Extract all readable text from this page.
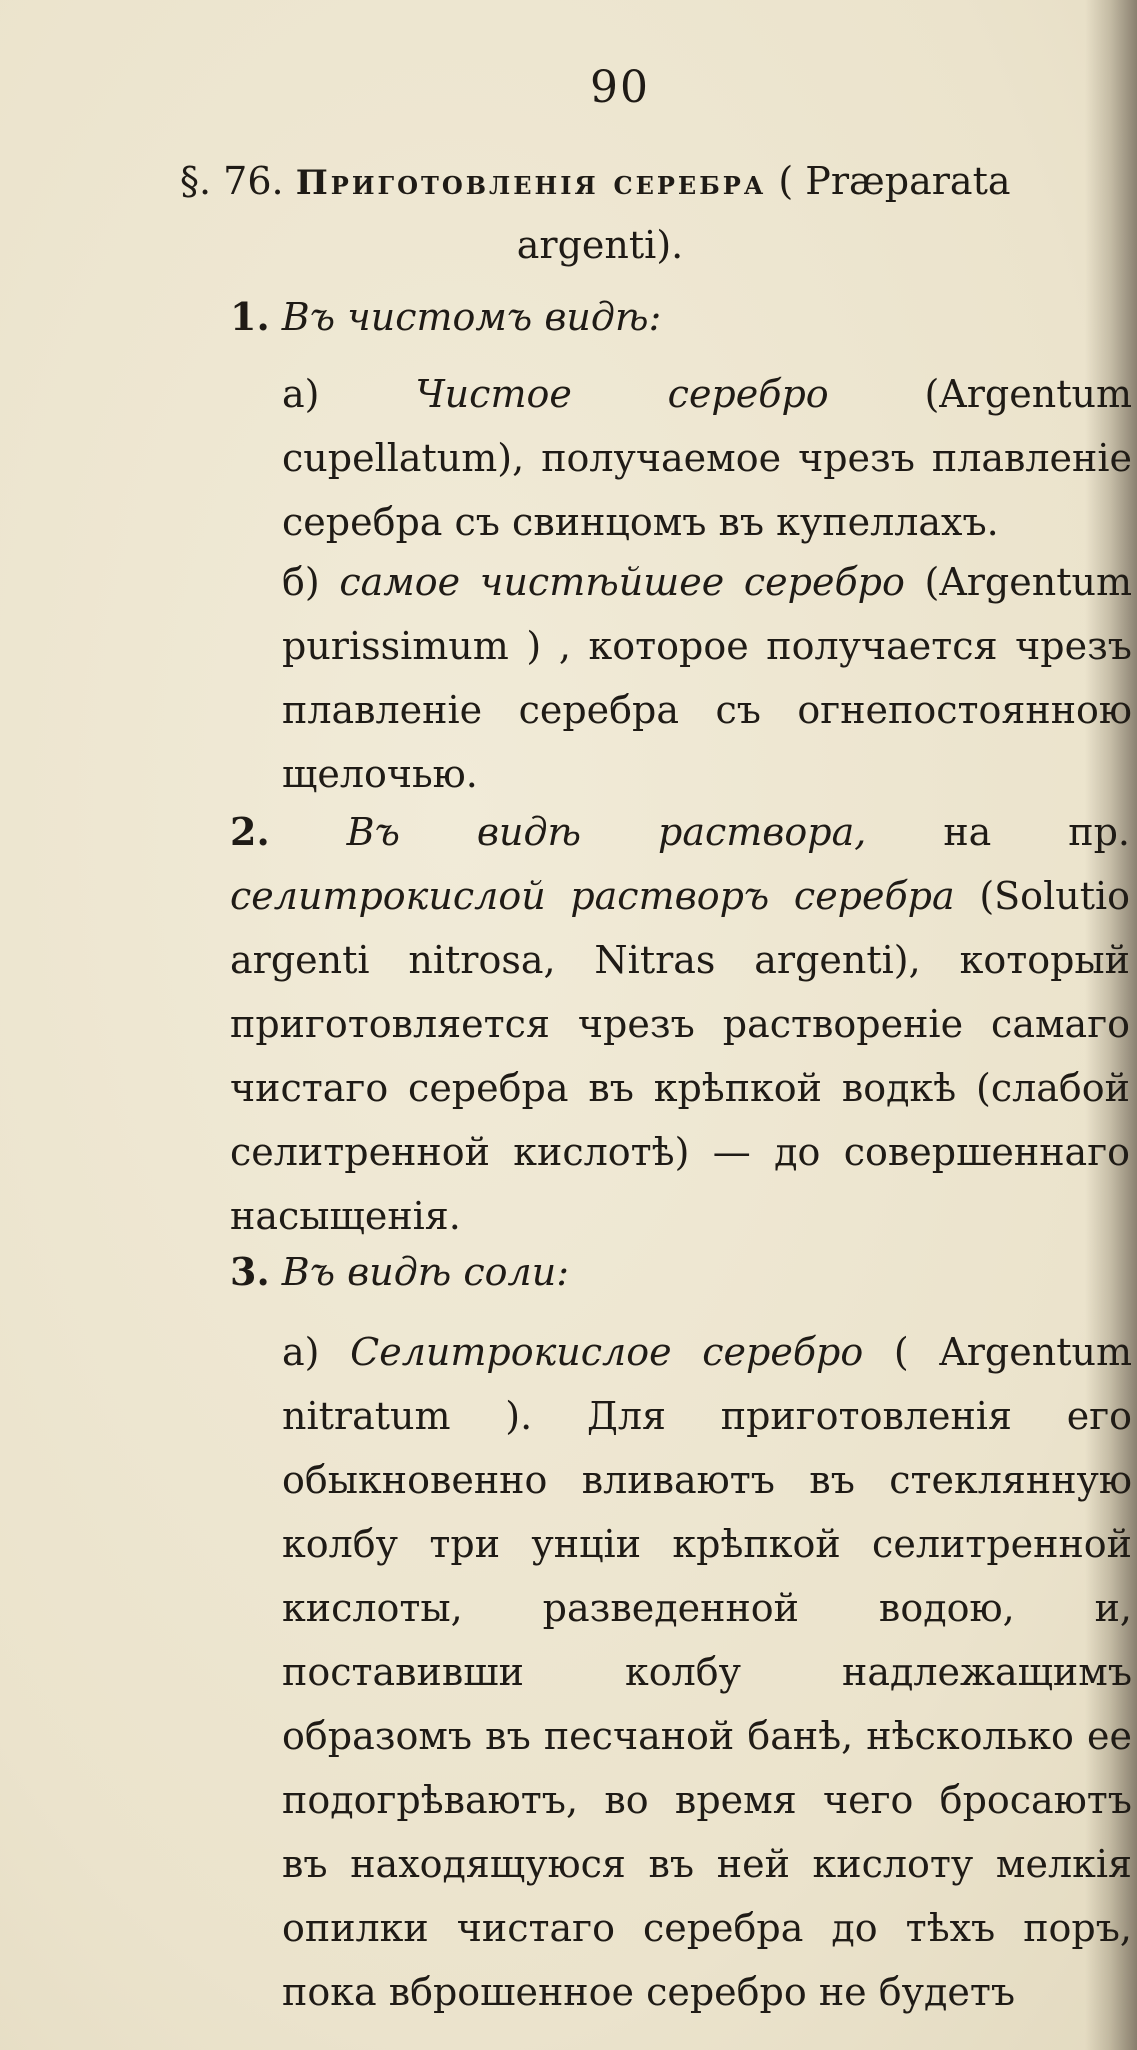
90
§. 76. Приготовленія серебра ( Præparata
argenti).
1. Въ чистомъ видѣ:
а)	Чистое серебро	(Argentum cupellatum), получаемое чрезъ плавленіе серебра съ свинцомъ въ купеллахъ.
б) самое чистѣйшее серебро (Argentum purissimum ) , которое получается чрезъ плавленіе серебра съ огнепостоянною щелочью.
2. Въ видѣ раствора, на пр. селитрокислой растворъ серебра (Solutio argenti nitrosa, Nitras argenti), который приготовляется чрезъ раствореніе самаго чистаго серебра въ крѣпкой водкѣ (слабой селитренной кислотѣ) — до совершеннаго насыщенія.
3. Въ видѣ соли:
а) Селитрокислое серебро ( Argentum nitratum ). Для приготовленія его обыкновенно вливаютъ въ стеклянную колбу три унціи крѣпкой селитренной кислоты, разведенной водою, и, поставивши колбу надлежащимъ образомъ въ песчаной банѣ, нѣсколько ее подогрѣваютъ, во время чего бросаютъ въ находящуюся въ ней кислоту мелкія опилки чистаго серебра до тѣхъ поръ, пока вброшенное серебро не будетъ
